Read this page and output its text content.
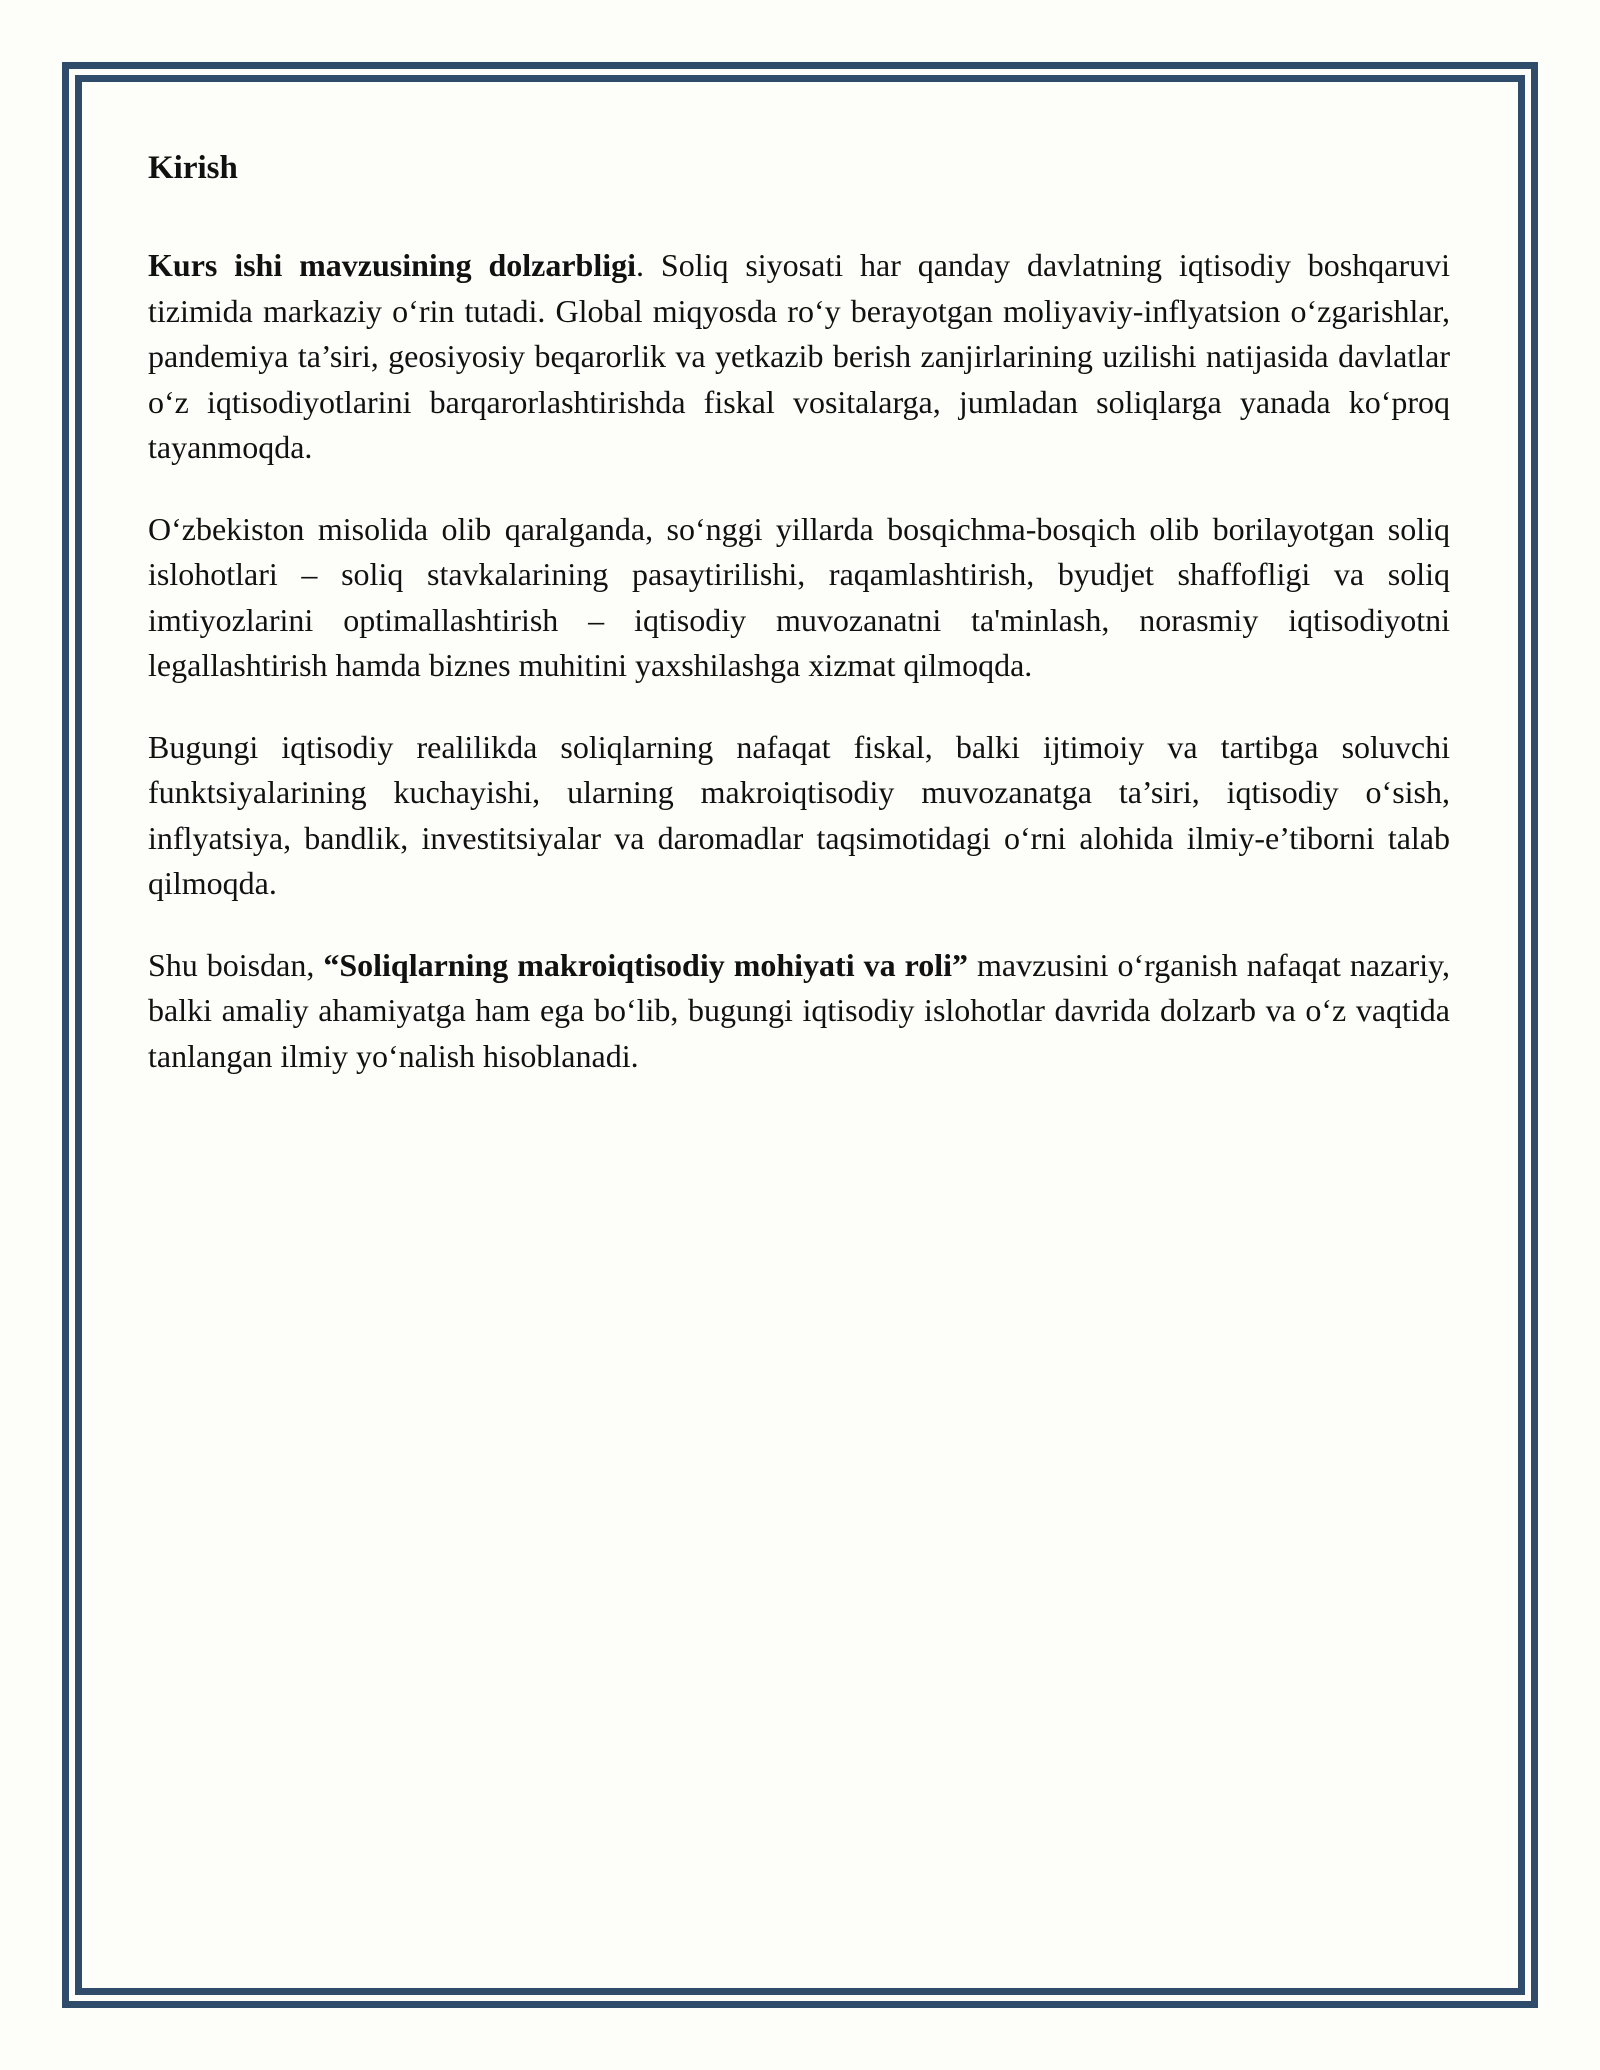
Kirish

Kurs ishi mavzusining dolzarbligi. Soliq siyosati har qanday davlatning iqtisodiy boshqaruvi tizimida markaziy o‘rin tutadi. Global miqyosda ro‘y berayotgan moliyaviy-inflyatsion o‘zgarishlar, pandemiya ta’siri, geosiyosiy beqarorlik va yetkazib berish zanjirlarining uzilishi natijasida davlatlar o‘z iqtisodiyotlarini barqarorlashtirishda fiskal vositalarga, jumladan soliqlarga yanada ko‘proq tayanmoqda.

O‘zbekiston misolida olib qaralganda, so‘nggi yillarda bosqichma-bosqich olib borilayotgan soliq islohotlari – soliq stavkalarining pasaytirilishi, raqamlashtirish, byudjet shaffofligi va soliq imtiyozlarini optimallashtirish – iqtisodiy muvozanatni ta'minlash, norasmiy iqtisodiyotni legallashtirish hamda biznes muhitini yaxshilashga xizmat qilmoqda.

Bugungi iqtisodiy realilikda soliqlarning nafaqat fiskal, balki ijtimoiy va tartibga soluvchi funktsiyalarining kuchayishi, ularning makroiqtisodiy muvozanatga ta’siri, iqtisodiy o‘sish, inflyatsiya, bandlik, investitsiyalar va daromadlar taqsimotidagi o‘rni alohida ilmiy-e’tiborni talab qilmoqda.

Shu boisdan, “Soliqlarning makroiqtisodiy mohiyati va roli” mavzusini o‘rganish nafaqat nazariy, balki amaliy ahamiyatga ham ega bo‘lib, bugungi iqtisodiy islohotlar davrida dolzarb va o‘z vaqtida tanlangan ilmiy yo‘nalish hisoblanadi.
